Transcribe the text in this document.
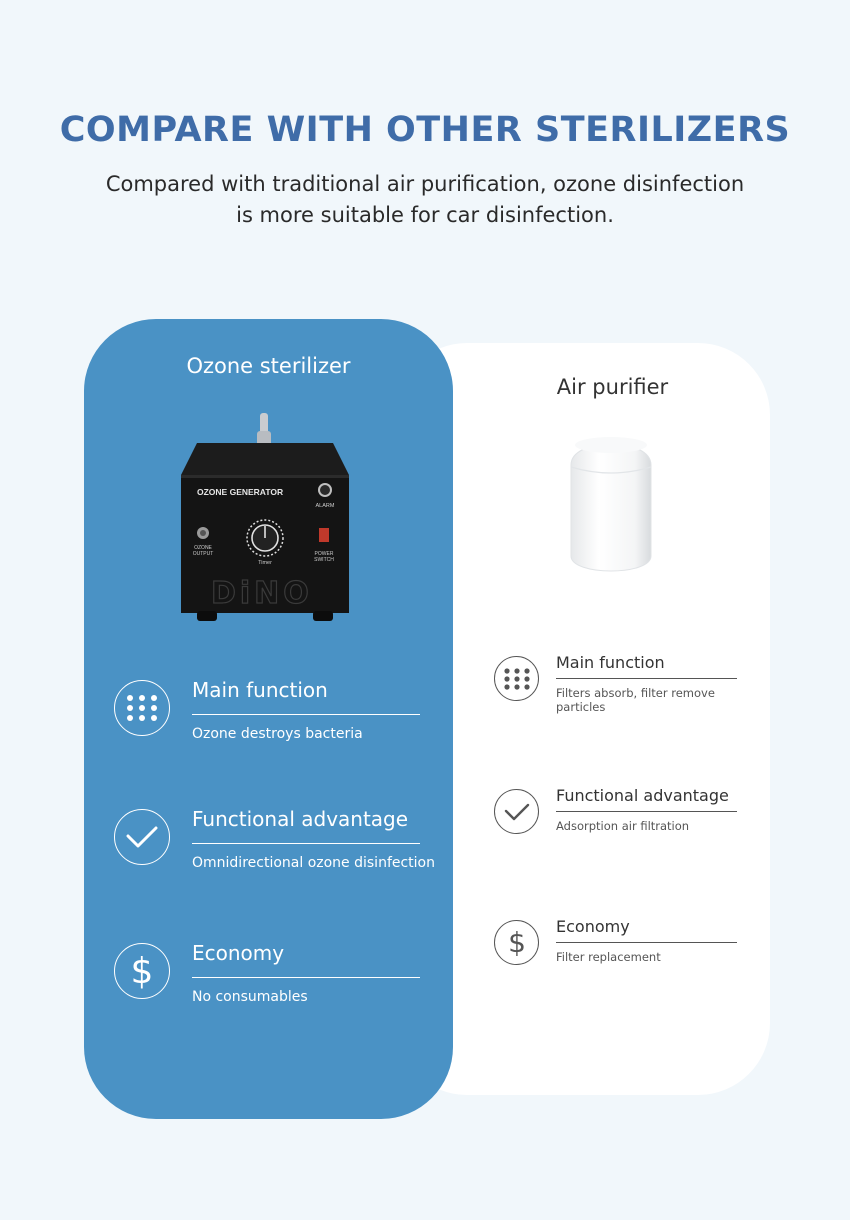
COMPARE WITH OTHER STERILIZERS
Compared with traditional air purification, ozone disinfection is more suitable for car disinfection.
Air purifier
Main function
Filters absorb, filter remove particles
Functional advantage
Adsorption air filtration
$ Economy
Filter replacement
Ozone sterilizer
OZONE GENERATOR
ALARM
OZONE
OUTPUT
Timer
POWER
SWITCH
DiNO
Main function
Ozone destroys bacteria
Functional advantage
Omnidirectional ozone disinfection
$ Economy
No consumables
